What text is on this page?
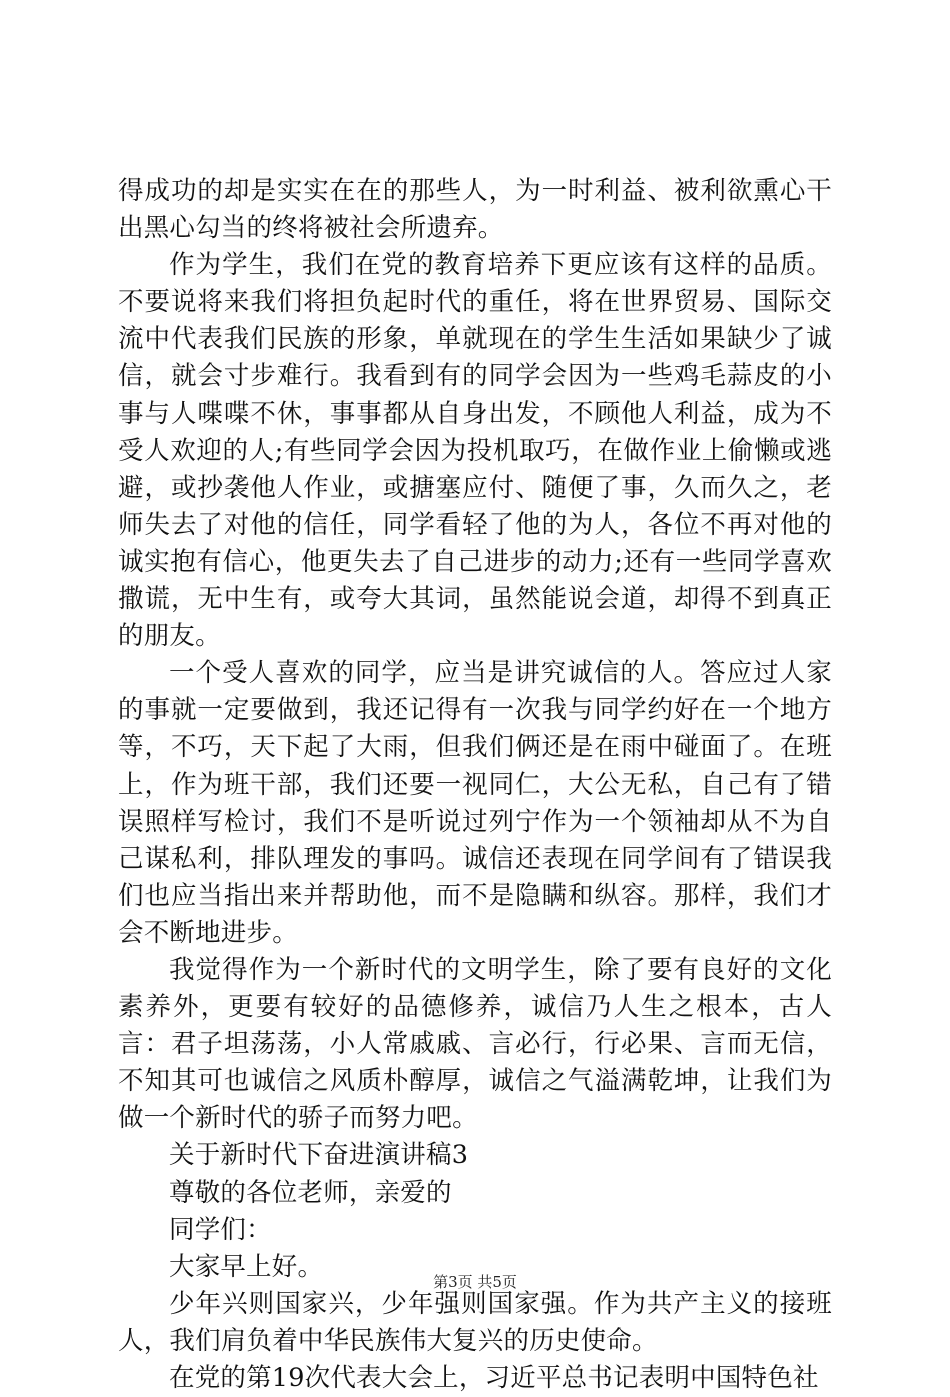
得成功的却是实实在在的那些人，为一时利益、被利欲熏心干出黑心勾当的终将被社会所遗弃。

作为学生，我们在党的教育培养下更应该有这样的品质。不要说将来我们将担负起时代的重任，将在世界贸易、国际交流中代表我们民族的形象，单就现在的学生生活如果缺少了诚信，就会寸步难行。我看到有的同学会因为一些鸡毛蒜皮的小事与人喋喋不休，事事都从自身出发，不顾他人利益，成为不受人欢迎的人;有些同学会因为投机取巧，在做作业上偷懒或逃避，或抄袭他人作业，或搪塞应付、随便了事，久而久之，老师失去了对他的信任，同学看轻了他的为人，各位不再对他的诚实抱有信心，他更失去了自己进步的动力;还有一些同学喜欢撒谎，无中生有，或夸大其词，虽然能说会道，却得不到真正的朋友。

一个受人喜欢的同学，应当是讲究诚信的人。答应过人家的事就一定要做到，我还记得有一次我与同学约好在一个地方等，不巧，天下起了大雨，但我们俩还是在雨中碰面了。在班上，作为班干部，我们还要一视同仁，大公无私，自己有了错误照样写检讨，我们不是听说过列宁作为一个领袖却从不为自己谋私利，排队理发的事吗。诚信还表现在同学间有了错误我们也应当指出来并帮助他，而不是隐瞒和纵容。那样，我们才会不断地进步。

我觉得作为一个新时代的文明学生，除了要有良好的文化素养外，更要有较好的品德修养，诚信乃人生之根本，古人言：君子坦荡荡，小人常戚戚、言必行，行必果、言而无信，不知其可也诚信之风质朴醇厚，诚信之气溢满乾坤，让我们为做一个新时代的骄子而努力吧。

关于新时代下奋进演讲稿3

尊敬的各位老师，亲爱的

同学们：

大家早上好。

少年兴则国家兴，少年强则国家强。作为共产主义的接班人，我们肩负着中华民族伟大复兴的历史使命。

在党的第19次代表大会上，习近平总书记表明中国特色社

第3页 共5页
